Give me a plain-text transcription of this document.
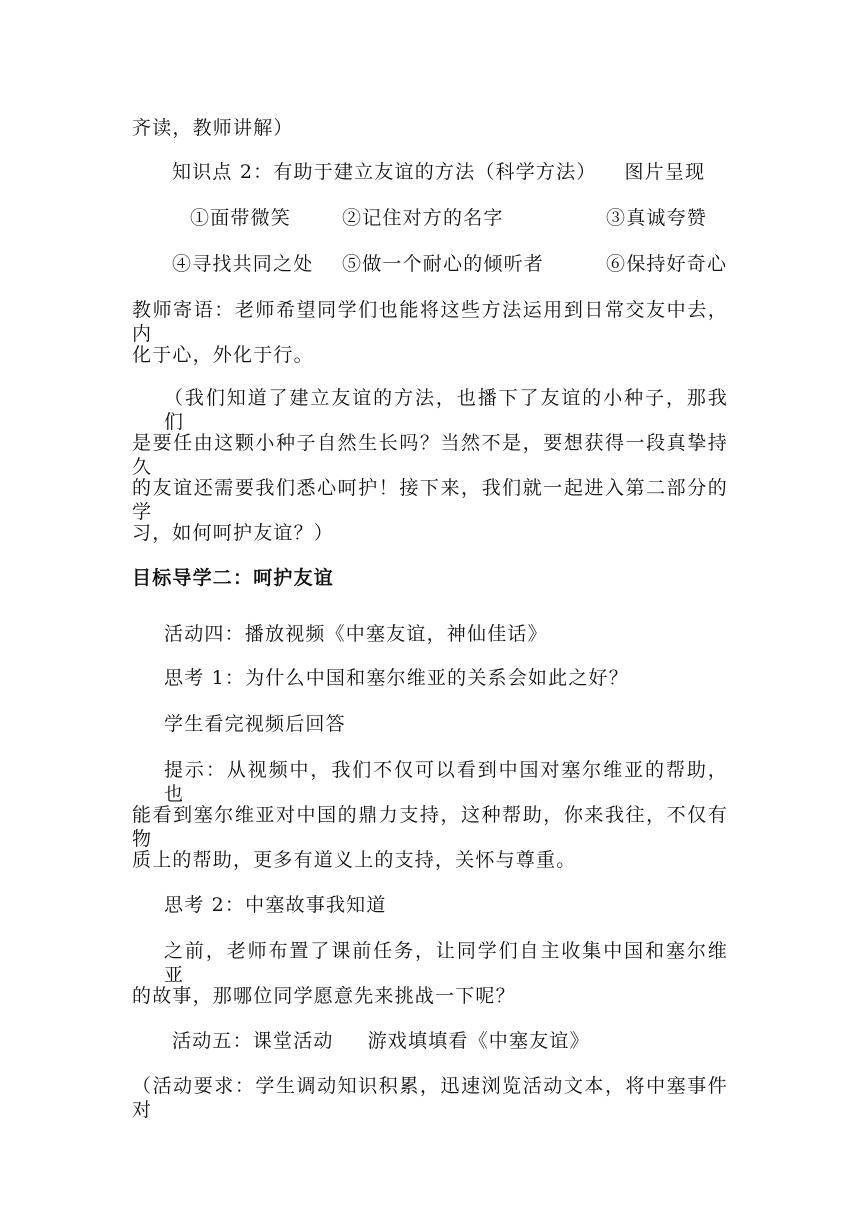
齐读，教师讲解）
知识点 2：有助于建立友谊的方法（科学方法） 图片呈现
①面带微笑	②记住对方的名字	③真诚夸赞
④寻找共同之处 ⑤做一个耐心的倾听者	⑥保持好奇心
教师寄语：老师希望同学们也能将这些方法运用到日常交友中去，内
化于心，外化于行。
（我们知道了建立友谊的方法，也播下了友谊的小种子，那我们
是要任由这颗小种子自然生长吗？当然不是，要想获得一段真挚持久
的友谊还需要我们悉心呵护！接下来，我们就一起进入第二部分的学
习，如何呵护友谊？）
目标导学二：呵护友谊
活动四：播放视频《中塞友谊，神仙佳话》
思考 1：为什么中国和塞尔维亚的关系会如此之好？
学生看完视频后回答
提示：从视频中，我们不仅可以看到中国对塞尔维亚的帮助，也
能看到塞尔维亚对中国的鼎力支持，这种帮助，你来我往，不仅有物
质上的帮助，更多有道义上的支持，关怀与尊重。
思考 2：中塞故事我知道
之前，老师布置了课前任务，让同学们自主收集中国和塞尔维亚
的故事，那哪位同学愿意先来挑战一下呢？
活动五：课堂活动 游戏填填看《中塞友谊》
（活动要求：学生调动知识积累，迅速浏览活动文本，将中塞事件对
